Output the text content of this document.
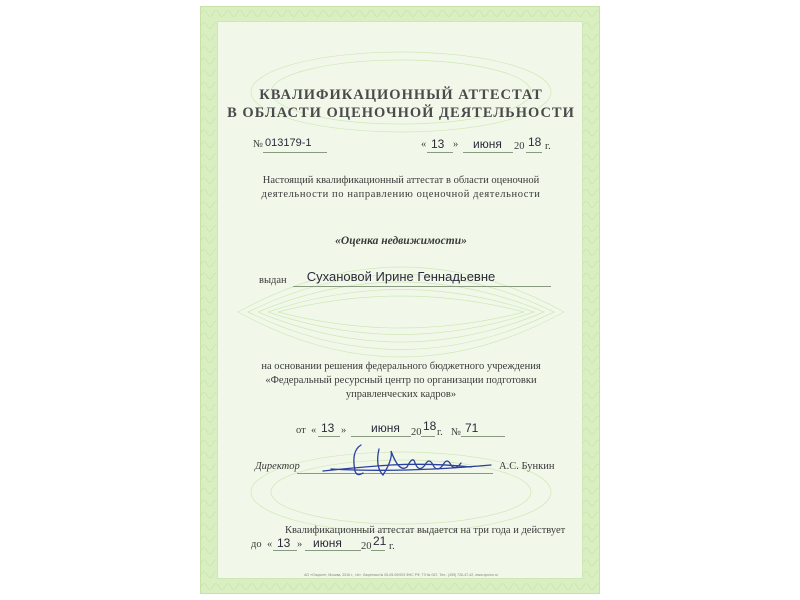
КВАЛИФИКАЦИОННЫЙ АТТЕСТАТ
В ОБЛАСТИ ОЦЕНОЧНОЙ ДЕЯТЕЛЬНОСТИ
№ 013179-1	« 13 » июня 20 18 г.
Настоящий квалификационный аттестат в области оценочной
деятельности по направлению оценочной деятельности
«Оценка недвижимости»
выдан	Сухановой Ирине Геннадьевне
на основании решения федерального бюджетного учреждения
«Федеральный ресурсный центр по организации подготовки
управленческих кадров»
от « 13 » июня 20 18 г. № 71
Директор	А.С. Бункин
Квалификационный аттестат выдается на три года и действует
до « 13 » июня 20 21 г.
АО «Опцион», Москва, 2016 г., «А». Лицензия № 05-05-09/003 ФНС РФ, ТЗ № 067. Тел.: (495) 726-47-42, www.opcion.ru
